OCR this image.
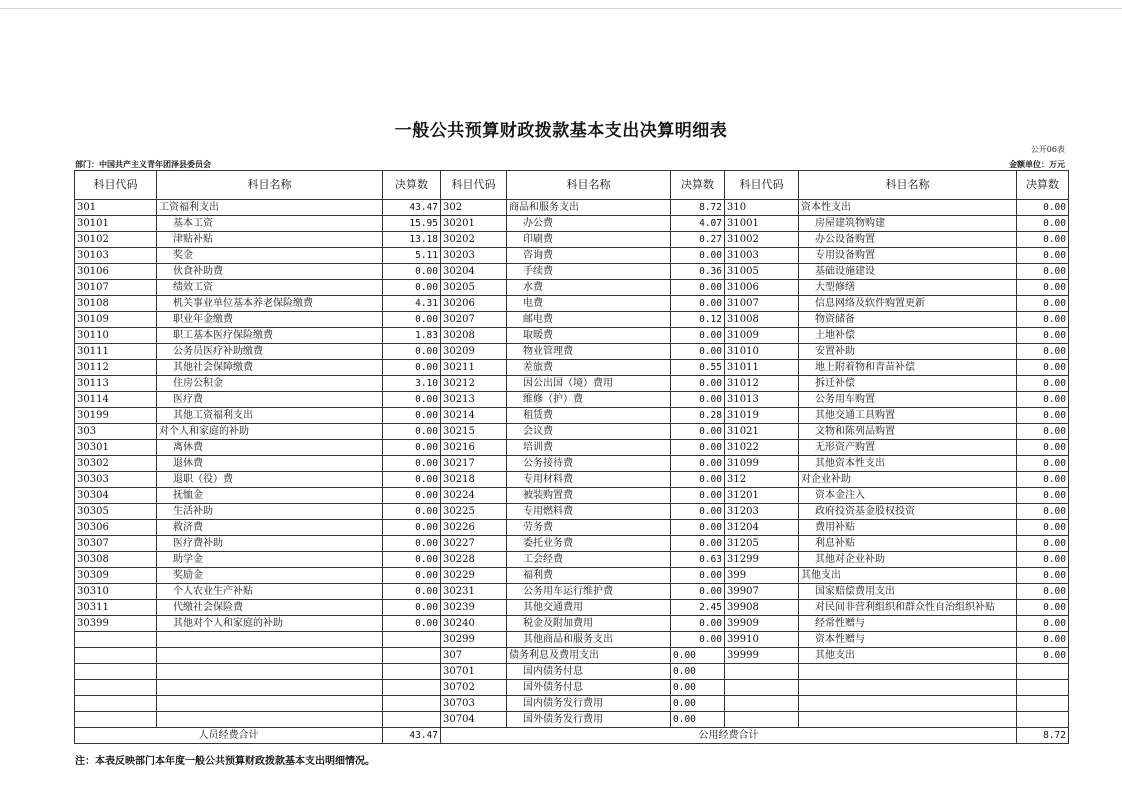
一般公共预算财政拨款基本支出决算明细表
公开06表
部门：中国共产主义青年团泽县委员会	金额单位：万元
科目代码	科目名称	决算数	科目代码	科目名称	决算数	科目代码	科目名称	决算数
301	工资福利支出	43.47	302	商品和服务支出	8.72	310	资本性支出	0.00
30101	基本工资	15.95	30201	办公费	4.07	31001	房屋建筑物购建	0.00
30102	津贴补贴	13.18	30202	印刷费	0.27	31002	办公设备购置	0.00
30103	奖金	5.11	30203	咨询费	0.00	31003	专用设备购置	0.00
30106	伙食补助费	0.00	30204	手续费	0.36	31005	基础设施建设	0.00
30107	绩效工资	0.00	30205	水费	0.00	31006	大型修缮	0.00
30108	机关事业单位基本养老保险缴费	4.31	30206	电费	0.00	31007	信息网络及软件购置更新	0.00
30109	职业年金缴费	0.00	30207	邮电费	0.12	31008	物资储备	0.00
30110	职工基本医疗保险缴费	1.83	30208	取暖费	0.00	31009	土地补偿	0.00
30111	公务员医疗补助缴费	0.00	30209	物业管理费	0.00	31010	安置补助	0.00
30112	其他社会保障缴费	0.00	30211	差旅费	0.55	31011	地上附着物和青苗补偿	0.00
30113	住房公积金	3.10	30212	因公出国（境）费用	0.00	31012	拆迁补偿	0.00
30114	医疗费	0.00	30213	维修（护）费	0.00	31013	公务用车购置	0.00
30199	其他工资福利支出	0.00	30214	租赁费	0.28	31019	其他交通工具购置	0.00
303	对个人和家庭的补助	0.00	30215	会议费	0.00	31021	文物和陈列品购置	0.00
30301	离休费	0.00	30216	培训费	0.00	31022	无形资产购置	0.00
30302	退休费	0.00	30217	公务接待费	0.00	31099	其他资本性支出	0.00
30303	退职（役）费	0.00	30218	专用材料费	0.00	312	对企业补助	0.00
30304	抚恤金	0.00	30224	被装购置费	0.00	31201	资本金注入	0.00
30305	生活补助	0.00	30225	专用燃料费	0.00	31203	政府投资基金股权投资	0.00
30306	救济费	0.00	30226	劳务费	0.00	31204	费用补贴	0.00
30307	医疗费补助	0.00	30227	委托业务费	0.00	31205	利息补贴	0.00
30308	助学金	0.00	30228	工会经费	0.63	31299	其他对企业补助	0.00
30309	奖励金	0.00	30229	福利费	0.00	399	其他支出	0.00
30310	个人农业生产补贴	0.00	30231	公务用车运行维护费	0.00	39907	国家赔偿费用支出	0.00
30311	代缴社会保险费	0.00	30239	其他交通费用	2.45	39908	对民间非营利组织和群众性自治组织补贴	0.00
30399	其他对个人和家庭的补助	0.00	30240	税金及附加费用	0.00	39909	经常性赠与	0.00
			30299	其他商品和服务支出	0.00	39910	资本性赠与	0.00
			307	债务利息及费用支出	0.00	39999	其他支出	0.00
			30701	国内债务付息	0.00			
			30702	国外债务付息	0.00			
			30703	国内债务发行费用	0.00			
			30704	国外债务发行费用	0.00			
人员经费合计		43.47	公用经费合计					8.72
注：本表反映部门本年度一般公共预算财政拨款基本支出明细情况。
